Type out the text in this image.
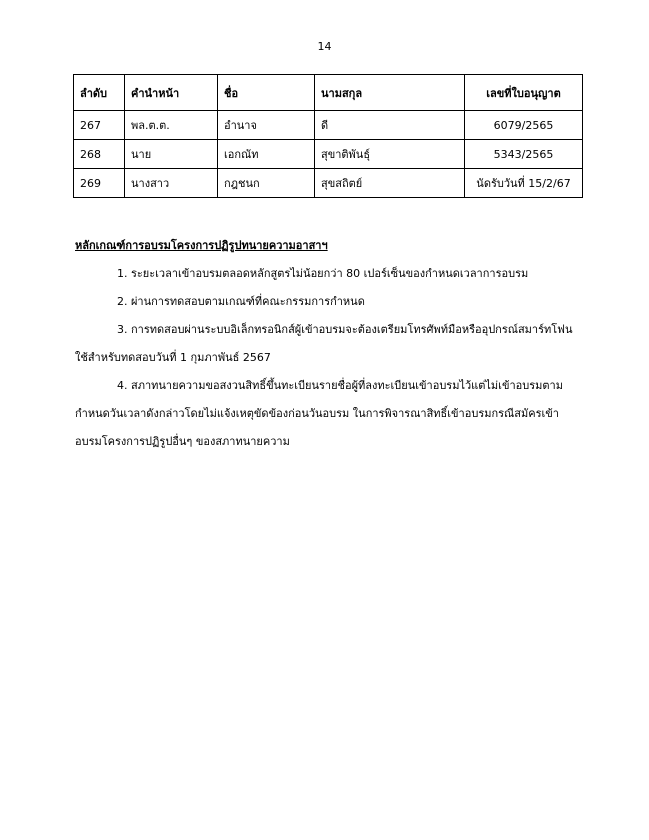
14
ลำดับ	คำนำหน้า	ชื่อ	นามสกุล	เลขที่ใบอนุญาต
267	พล.ต.ต.	อำนาจ	ดี	6079/2565
268	นาย	เอกณัท	สุขาติพันธุ์	5343/2565
269	นางสาว	กฎชนก	สุขสถิตย์	นัดรับวันที่ 15/2/67

หลักเกณฑ์การอบรมโครงการปฏิรูปทนายความอาสาฯ

1. ระยะเวลาเข้าอบรมตลอดหลักสูตรไม่น้อยกว่า 80 เปอร์เซ็นของกำหนดเวลาการอบรม

2. ผ่านการทดสอบตามเกณฑ์ที่คณะกรรมการกำหนด

3. การทดสอบผ่านระบบอิเล็กทรอนิกส์ผู้เข้าอบรมจะต้องเตรียมโทรศัพท์มือหรืออุปกรณ์สมาร์ทโฟนใช้สำหรับทดสอบวันที่ 1 กุมภาพันธ์ 2567

4. สภาทนายความขอสงวนสิทธิ์ขึ้นทะเบียนรายชื่อผู้ที่ลงทะเบียนเข้าอบรมไว้แต่ไม่เข้าอบรมตามกำหนดวันเวลาดังกล่าวโดยไม่แจ้งเหตุขัดข้องก่อนวันอบรม ในการพิจารณาสิทธิ์เข้าอบรมกรณีสมัครเข้าอบรมโครงการปฏิรูปอื่นๆ ของสภาทนายความ
